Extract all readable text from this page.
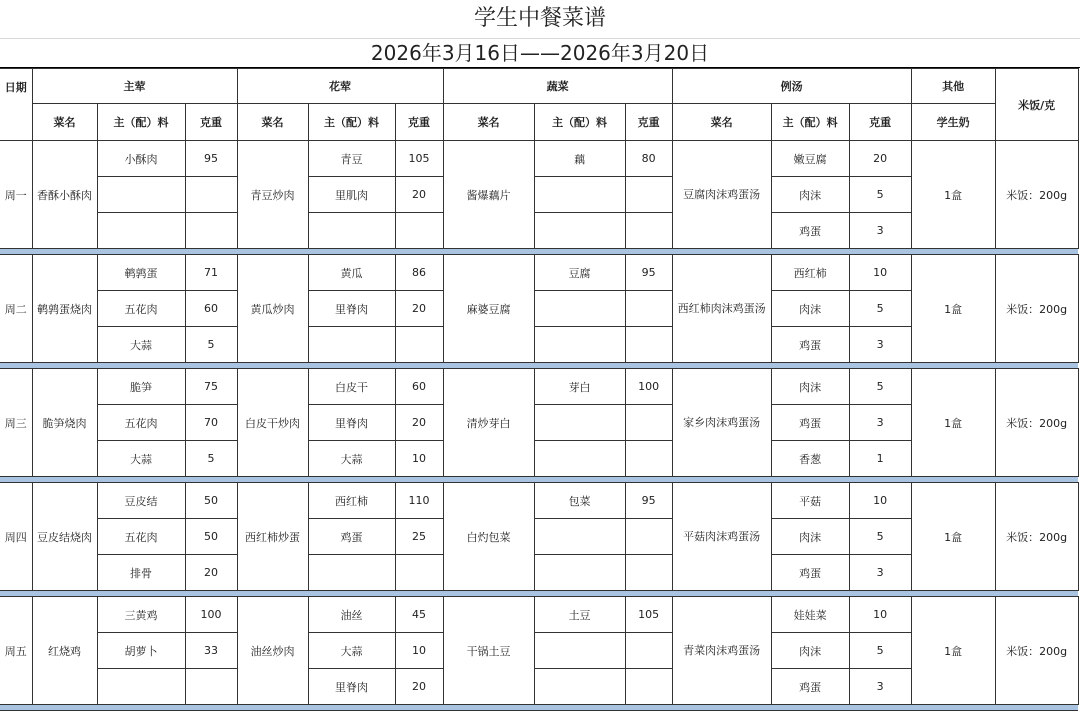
学生中餐菜谱
2026年3月16日——2026年3月20日
日期	主荤			花荤			蔬菜			例汤			其他	米饭/克
	菜名	主（配）料	克重	菜名	主（配）料	克重	菜名	主（配）料	克重	菜名	主（配）料	克重	学生奶	
周一	香酥小酥肉	小酥肉	95	青豆炒肉	青豆	105	酱爆藕片	藕	80	豆腐肉沫鸡蛋汤	嫩豆腐	20	1盒	米饭：200g
					里肌肉	20					肉沫	5		
											鸡蛋	3		

周二	鹌鹑蛋烧肉	鹌鹑蛋	71	黄瓜炒肉	黄瓜	86	麻婆豆腐	豆腐	95	西红柿肉沫鸡蛋汤	西红柿	10	1盒	米饭：200g
		五花肉	60		里脊肉	20					肉沫	5		
		大蒜	5								鸡蛋	3		

周三	脆笋烧肉	脆笋	75	白皮干炒肉	白皮干	60	清炒芽白	芽白	100	家乡肉沫鸡蛋汤	肉沫	5	1盒	米饭：200g
		五花肉	70		里脊肉	20					鸡蛋	3		
		大蒜	5		大蒜	10					香葱	1		

周四	豆皮结烧肉	豆皮结	50	西红柿炒蛋	西红柿	110	白灼包菜	包菜	95	平菇肉沫鸡蛋汤	平菇	10	1盒	米饭：200g
		五花肉	50		鸡蛋	25					肉沫	5		
		排骨	20								鸡蛋	3		

周五	红烧鸡	三黄鸡	100	油丝炒肉	油丝	45	干锅土豆	土豆	105	青菜肉沫鸡蛋汤	娃娃菜	10	1盒	米饭：200g
		胡萝卜	33		大蒜	10					肉沫	5		
					里脊肉	20					鸡蛋	3		
